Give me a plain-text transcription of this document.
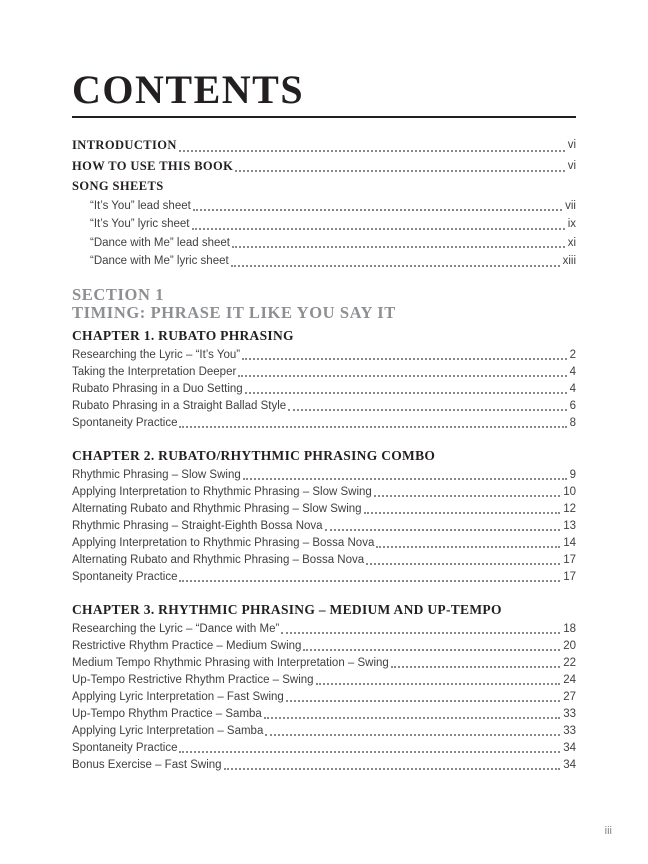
CONTENTS
INTRODUCTION	vi
HOW TO USE THIS BOOK	vi
SONG SHEETS
“It’s You” lead sheet	vii
“It’s You” lyric sheet	ix
“Dance with Me” lead sheet	xi
“Dance with Me” lyric sheet	xiii
SECTION 1
TIMING: PHRASE IT LIKE YOU SAY IT
CHAPTER 1. RUBATO PHRASING
Researching the Lyric – “It’s You”	2
Taking the Interpretation Deeper	4
Rubato Phrasing in a Duo Setting	4
Rubato Phrasing in a Straight Ballad Style	6
Spontaneity Practice	8
CHAPTER 2. RUBATO/RHYTHMIC PHRASING COMBO
Rhythmic Phrasing – Slow Swing	9
Applying Interpretation to Rhythmic Phrasing – Slow Swing	10
Alternating Rubato and Rhythmic Phrasing – Slow Swing	12
Rhythmic Phrasing – Straight-Eighth Bossa Nova	13
Applying Interpretation to Rhythmic Phrasing – Bossa Nova	14
Alternating Rubato and Rhythmic Phrasing – Bossa Nova	17
Spontaneity Practice	17
CHAPTER 3. RHYTHMIC PHRASING – MEDIUM AND UP-TEMPO
Researching the Lyric – “Dance with Me”	18
Restrictive Rhythm Practice – Medium Swing	20
Medium Tempo Rhythmic Phrasing with Interpretation – Swing	22
Up-Tempo Restrictive Rhythm Practice – Swing	24
Applying Lyric Interpretation – Fast Swing	27
Up-Tempo Rhythm Practice – Samba	33
Applying Lyric Interpretation – Samba	33
Spontaneity Practice	34
Bonus Exercise – Fast Swing	34
iii
